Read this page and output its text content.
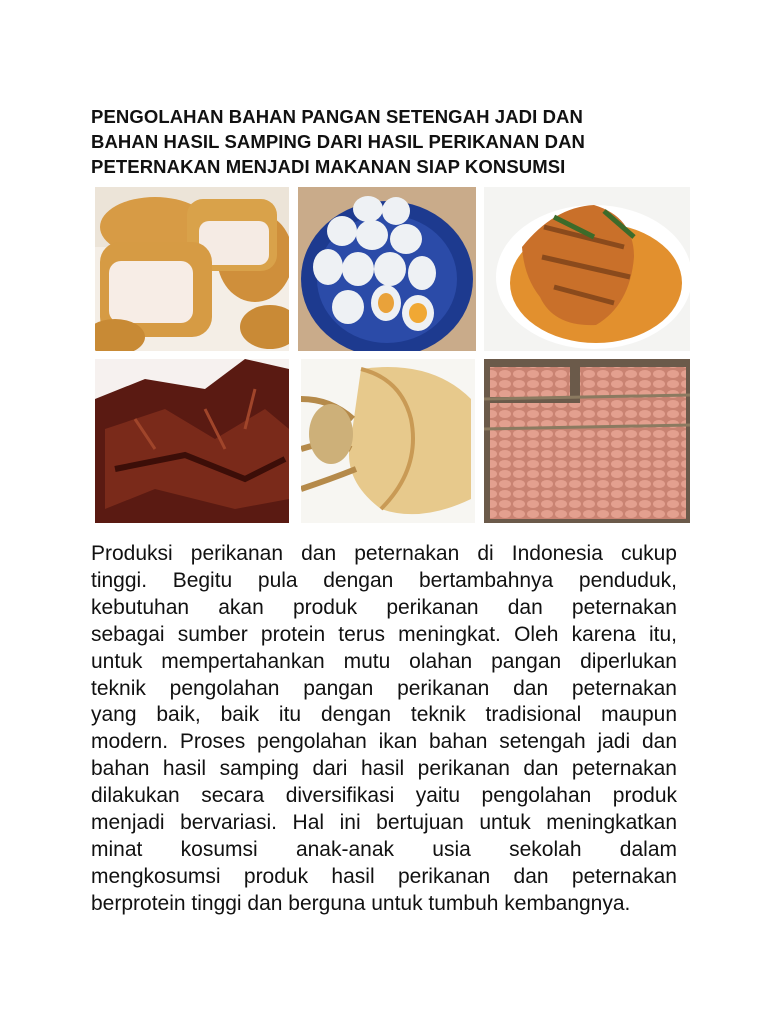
PENGOLAHAN BAHAN PANGAN SETENGAH JADI DAN
BAHAN HASIL SAMPING DARI HASIL PERIKANAN DAN
PETERNAKAN MENJADI MAKANAN SIAP KONSUMSI

Produksi perikanan dan peternakan di Indonesia cukup
tinggi. Begitu pula dengan bertambahnya penduduk,
kebutuhan akan produk perikanan dan peternakan
sebagai sumber protein terus meningkat. Oleh karena itu,
untuk mempertahankan mutu olahan pangan diperlukan
teknik pengolahan pangan perikanan dan peternakan
yang baik, baik itu dengan teknik tradisional maupun
modern. Proses pengolahan ikan bahan setengah jadi dan
bahan hasil samping dari hasil perikanan dan peternakan
dilakukan secara diversifikasi yaitu pengolahan produk
menjadi bervariasi. Hal ini bertujuan untuk meningkatkan
minat kosumsi anak-anak usia sekolah dalam
mengkosumsi produk hasil perikanan dan peternakan
berprotein tinggi dan berguna untuk tumbuh kembangnya.
